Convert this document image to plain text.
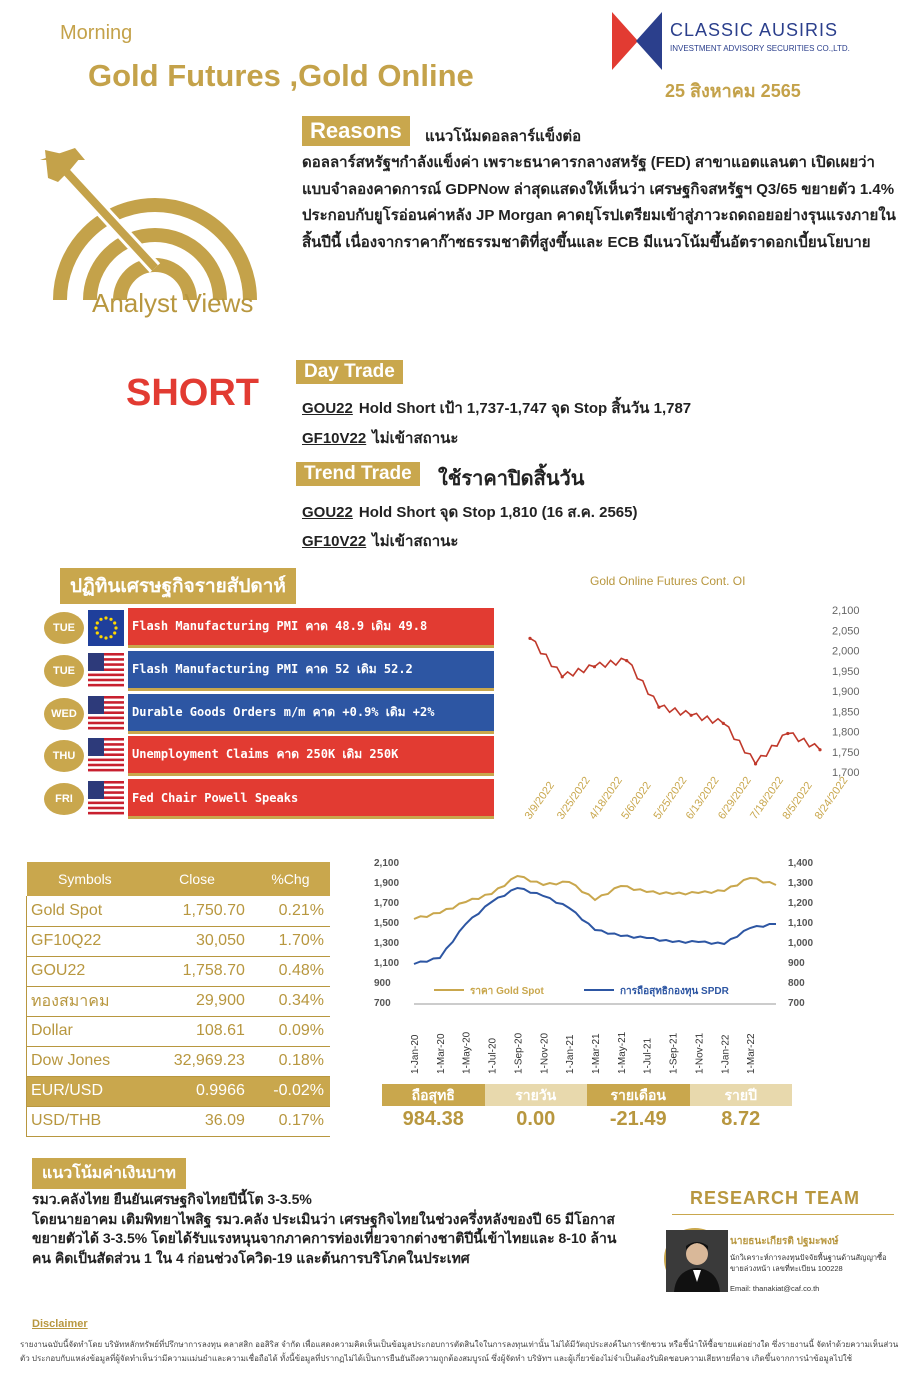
Morning
Gold Futures ,Gold Online
CLASSIC AUSIRIS
INVESTMENT ADVISORY SECURITIES CO.,LTD.
25 สิงหาคม 2565
Analyst Views
Reasons	แนวโน้มดอลลาร์แข็งต่อ
ดอลลาร์สหรัฐฯกำลังแข็งค่า เพราะธนาคารกลางสหรัฐ (FED) สาขาแอตแลนตา เปิดเผยว่า แบบจำลองคาดการณ์ GDPNow ล่าสุดแสดงให้เห็นว่า เศรษฐกิจสหรัฐฯ Q3/65 ขยายตัว 1.4% ประกอบกับยูโรอ่อนค่าหลัง JP Morgan คาดยุโรปเตรียมเข้าสู่ภาวะถดถอยอย่างรุนแรงภายในสิ้นปีนี้ เนื่องจากราคาก๊าซธรรมชาติที่สูงขึ้นและ ECB มีแนวโน้มขึ้นอัตราดอกเบี้ยนโยบาย
SHORT
Day Trade
GOU22 Hold Short เป้า 1,737-1,747 จุด Stop สิ้นวัน 1,787
GF10V22 ไม่เข้าสถานะ
Trend Trade	ใช้ราคาปิดสิ้นวัน
GOU22 Hold Short จุด Stop 1,810 (16 ส.ค. 2565)
GF10V22 ไม่เข้าสถานะ
ปฏิทินเศรษฐกิจรายสัปดาห์
TUE	Flash Manufacturing PMI คาด 48.9 เดิม 49.8
TUE	Flash Manufacturing PMI คาด 52 เดิม 52.2
WED	Durable Goods Orders m/m คาด +0.9% เดิม +2%
THU	Unemployment Claims คาด 250K เดิม 250K
FRI	Fed Chair Powell Speaks
Gold Online Futures Cont. OI
2,100
2,050
2,000
1,950
1,900
1,850
1,800
1,750
1,700
3/9/2022
3/25/2022
4/18/2022
5/6/2022
5/25/2022
6/13/2022
6/29/2022
7/18/2022
8/5/2022
8/24/2022
Symbols	Close	%Chg
Gold Spot	1,750.70	0.21%
GF10Q22	30,050	1.70%
GOU22	1,758.70	0.48%
ทองสมาคม	29,900	0.34%
Dollar	108.61	0.09%
Dow Jones	32,969.23	0.18%
EUR/USD	0.9966	-0.02%
USD/THB	36.09	0.17%
2,100
1,900
1,700
1,500
1,300
1,100
900
700
1,400
1,300
1,200
1,100
1,000
900
800
700
ราคา Gold Spot	การถือสุทธิกองทุน SPDR
1-Jan-20 1-Mar-20 1-May-20 1-Jul-20 1-Sep-20 1-Nov-20 1-Jan-21 1-Mar-21 1-May-21 1-Jul-21 1-Sep-21 1-Nov-21 1-Jan-22 1-Mar-22
ถือสุทธิ	รายวัน	รายเดือน	รายปี
984.38	0.00	-21.49	8.72
แนวโน้มค่าเงินบาท
รมว.คลังไทย ยืนยันเศรษฐกิจไทยปีนี้โต 3-3.5%
โดยนายอาคม เติมพิทยาไพสิฐ รมว.คลัง ประเมินว่า เศรษฐกิจไทยในช่วงครึ่งหลังของปี 65 มีโอกาสขยายตัวได้ 3-3.5% โดยได้รับแรงหนุนจากภาคการท่องเที่ยวจากต่างชาติปีนี้เข้าไทยและ 8-10 ล้านคน คิดเป็นสัดส่วน 1 ใน 4 ก่อนช่วงโควิด-19 และต้นการบริโภคในประเทศ
RESEARCH TEAM
นายธนะเกียรติ ปฐมะพงษ์
นักวิเคราะห์การลงทุนปัจจัยพื้นฐานด้านสัญญาซื้อขายล่วงหน้า เลขที่ทะเบียน 100228
Email: thanakiat@caf.co.th
Disclaimer
รายงานฉบับนี้จัดทำโดย บริษัทหลักทรัพย์ที่ปรึกษาการลงทุน คลาสสิก ออสิริส จำกัด เพื่อแสดงความคิดเห็นเป็นข้อมูลประกอบการตัดสินใจในการลงทุนเท่านั้น ไม่ได้มีวัตถุประสงค์ในการชักชวน หรือชี้นำให้ซื้อขายแต่อย่างใด ซึ่งรายงานนี้ จัดทำด้วยความเห็นส่วนตัว ประกอบกับแหล่งข้อมูลที่ผู้จัดทำเห็นว่ามีความแม่นยำและความเชื่อถือได้ ทั้งนี้ข้อมูลที่ปรากฏไม่ได้เป็นการยืนยันถึงความถูกต้องสมบูรณ์ ซึ่งผู้จัดทำ บริษัทฯ และผู้เกี่ยวข้องไม่จำเป็นต้องรับผิดชอบความเสียหายที่อาจ เกิดขึ้นจากการนำข้อมูลไปใช้
